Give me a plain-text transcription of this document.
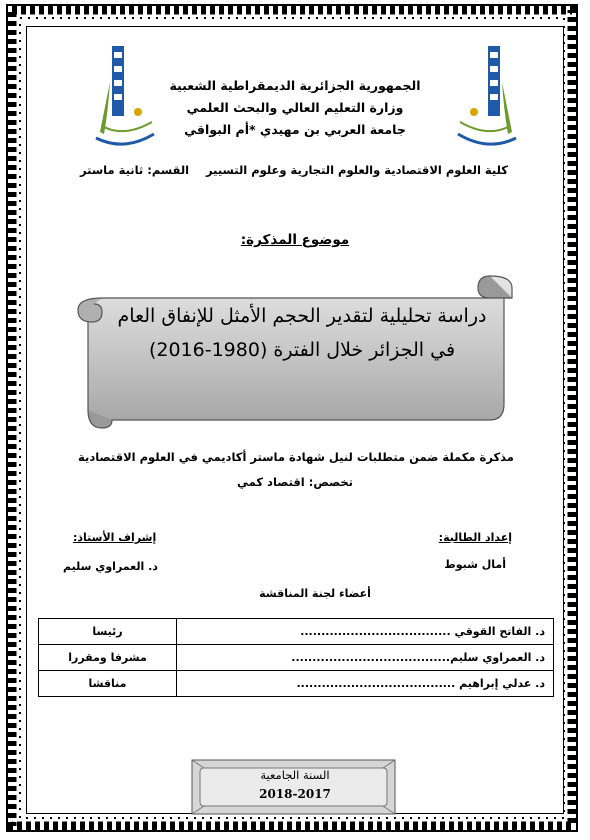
الجمهورية الجزائرية الديمقراطية الشعبية
وزارة التعليم العالي والبحث العلمي
جامعة العربي بن مهيدي *أم البواقي
كلية العلوم الاقتصادية والعلوم التجارية وعلوم التسيير
القسم: ثانية ماستر
موضوع المذكرة:
دراسة تحليلية لتقدير الحجم الأمثل للإنفاق العام
في الجزائر خلال الفترة (1980-2016)
مذكرة مكملة ضمن متطلبات لنيل شهادة ماستر أكاديمي في العلوم الاقتصادية
تخصص: اقتصاد كمي
إعداد الطالبة:
إشراف الأستاذ:
أمال شبوط
د. العمراوي سليم
أعضاء لجنة المناقشة
د. الفاتح القوقي ....................................	رئيسا
د. العمراوي سليم......................................	مشرفا ومقررا
د. عدلي إبراهيم ......................................	مناقشا
السنة الجامعية
2018-2017
